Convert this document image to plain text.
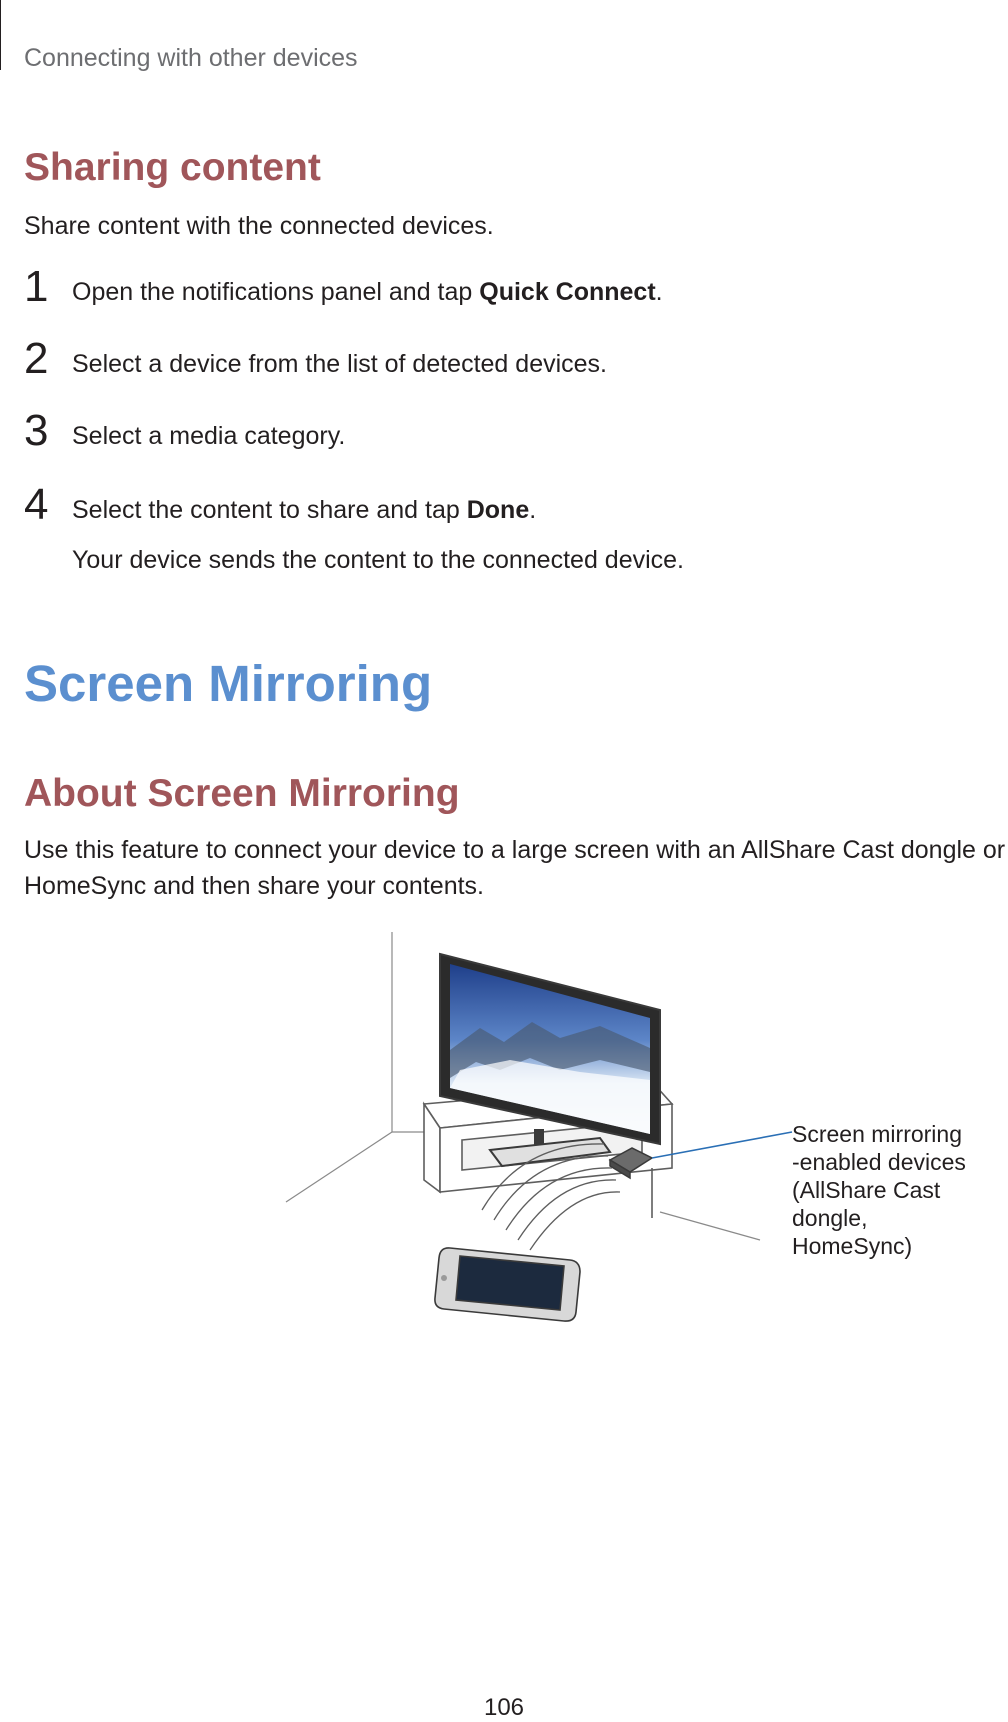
Connecting with other devices
Sharing content
Share content with the connected devices.
1 Open the notifications panel and tap Quick Connect.
2 Select a device from the list of detected devices.
3 Select a media category.
4 Select the content to share and tap Done.
Your device sends the content to the connected device.
Screen Mirroring
About Screen Mirroring
Use this feature to connect your device to a large screen with an AllShare Cast dongle or
HomeSync and then share your contents.
Screen mirroring
-enabled devices
(AllShare Cast dongle,
HomeSync)
106
